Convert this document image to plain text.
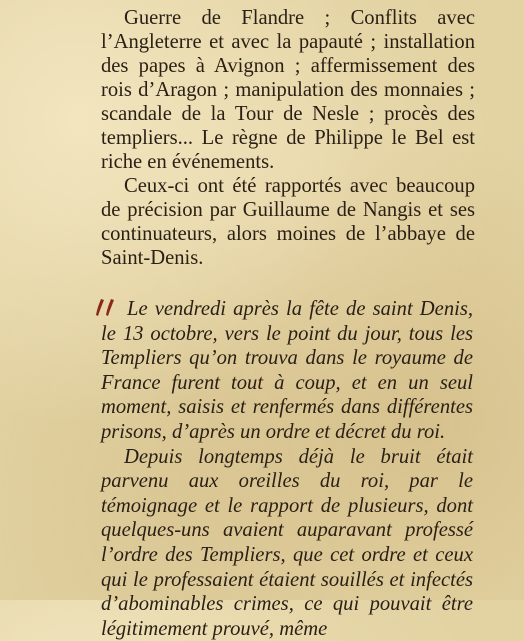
Guerre de Flandre ; Conflits avec l’Angleterre et avec la papauté ; installation des papes à Avignon ; affermissement des rois d’Aragon ; manipulation des monnaies ; scandale de la Tour de Nesle ; procès des templiers... Le règne de Philippe le Bel est riche en événements.

Ceux-ci ont été rapportés avec beaucoup de précision par Guillaume de Nangis et ses continuateurs, alors moines de l’abbaye de Saint-Denis.

Le vendredi après la fête de saint Denis, le 13 octobre, vers le point du jour, tous les Templiers qu’on trouva dans le royaume de France furent tout à coup, et en un seul moment, saisis et renfermés dans différentes prisons, d’après un ordre et décret du roi.

Depuis longtemps déjà le bruit était parvenu aux oreilles du roi, par le témoignage et le rapport de plusieurs, dont quelques-uns avaient auparavant professé l’ordre des Templiers, que cet ordre et ceux qui le professaient étaient souillés et infectés d’abominables crimes, ce qui pouvait être légitimement prouvé, même
